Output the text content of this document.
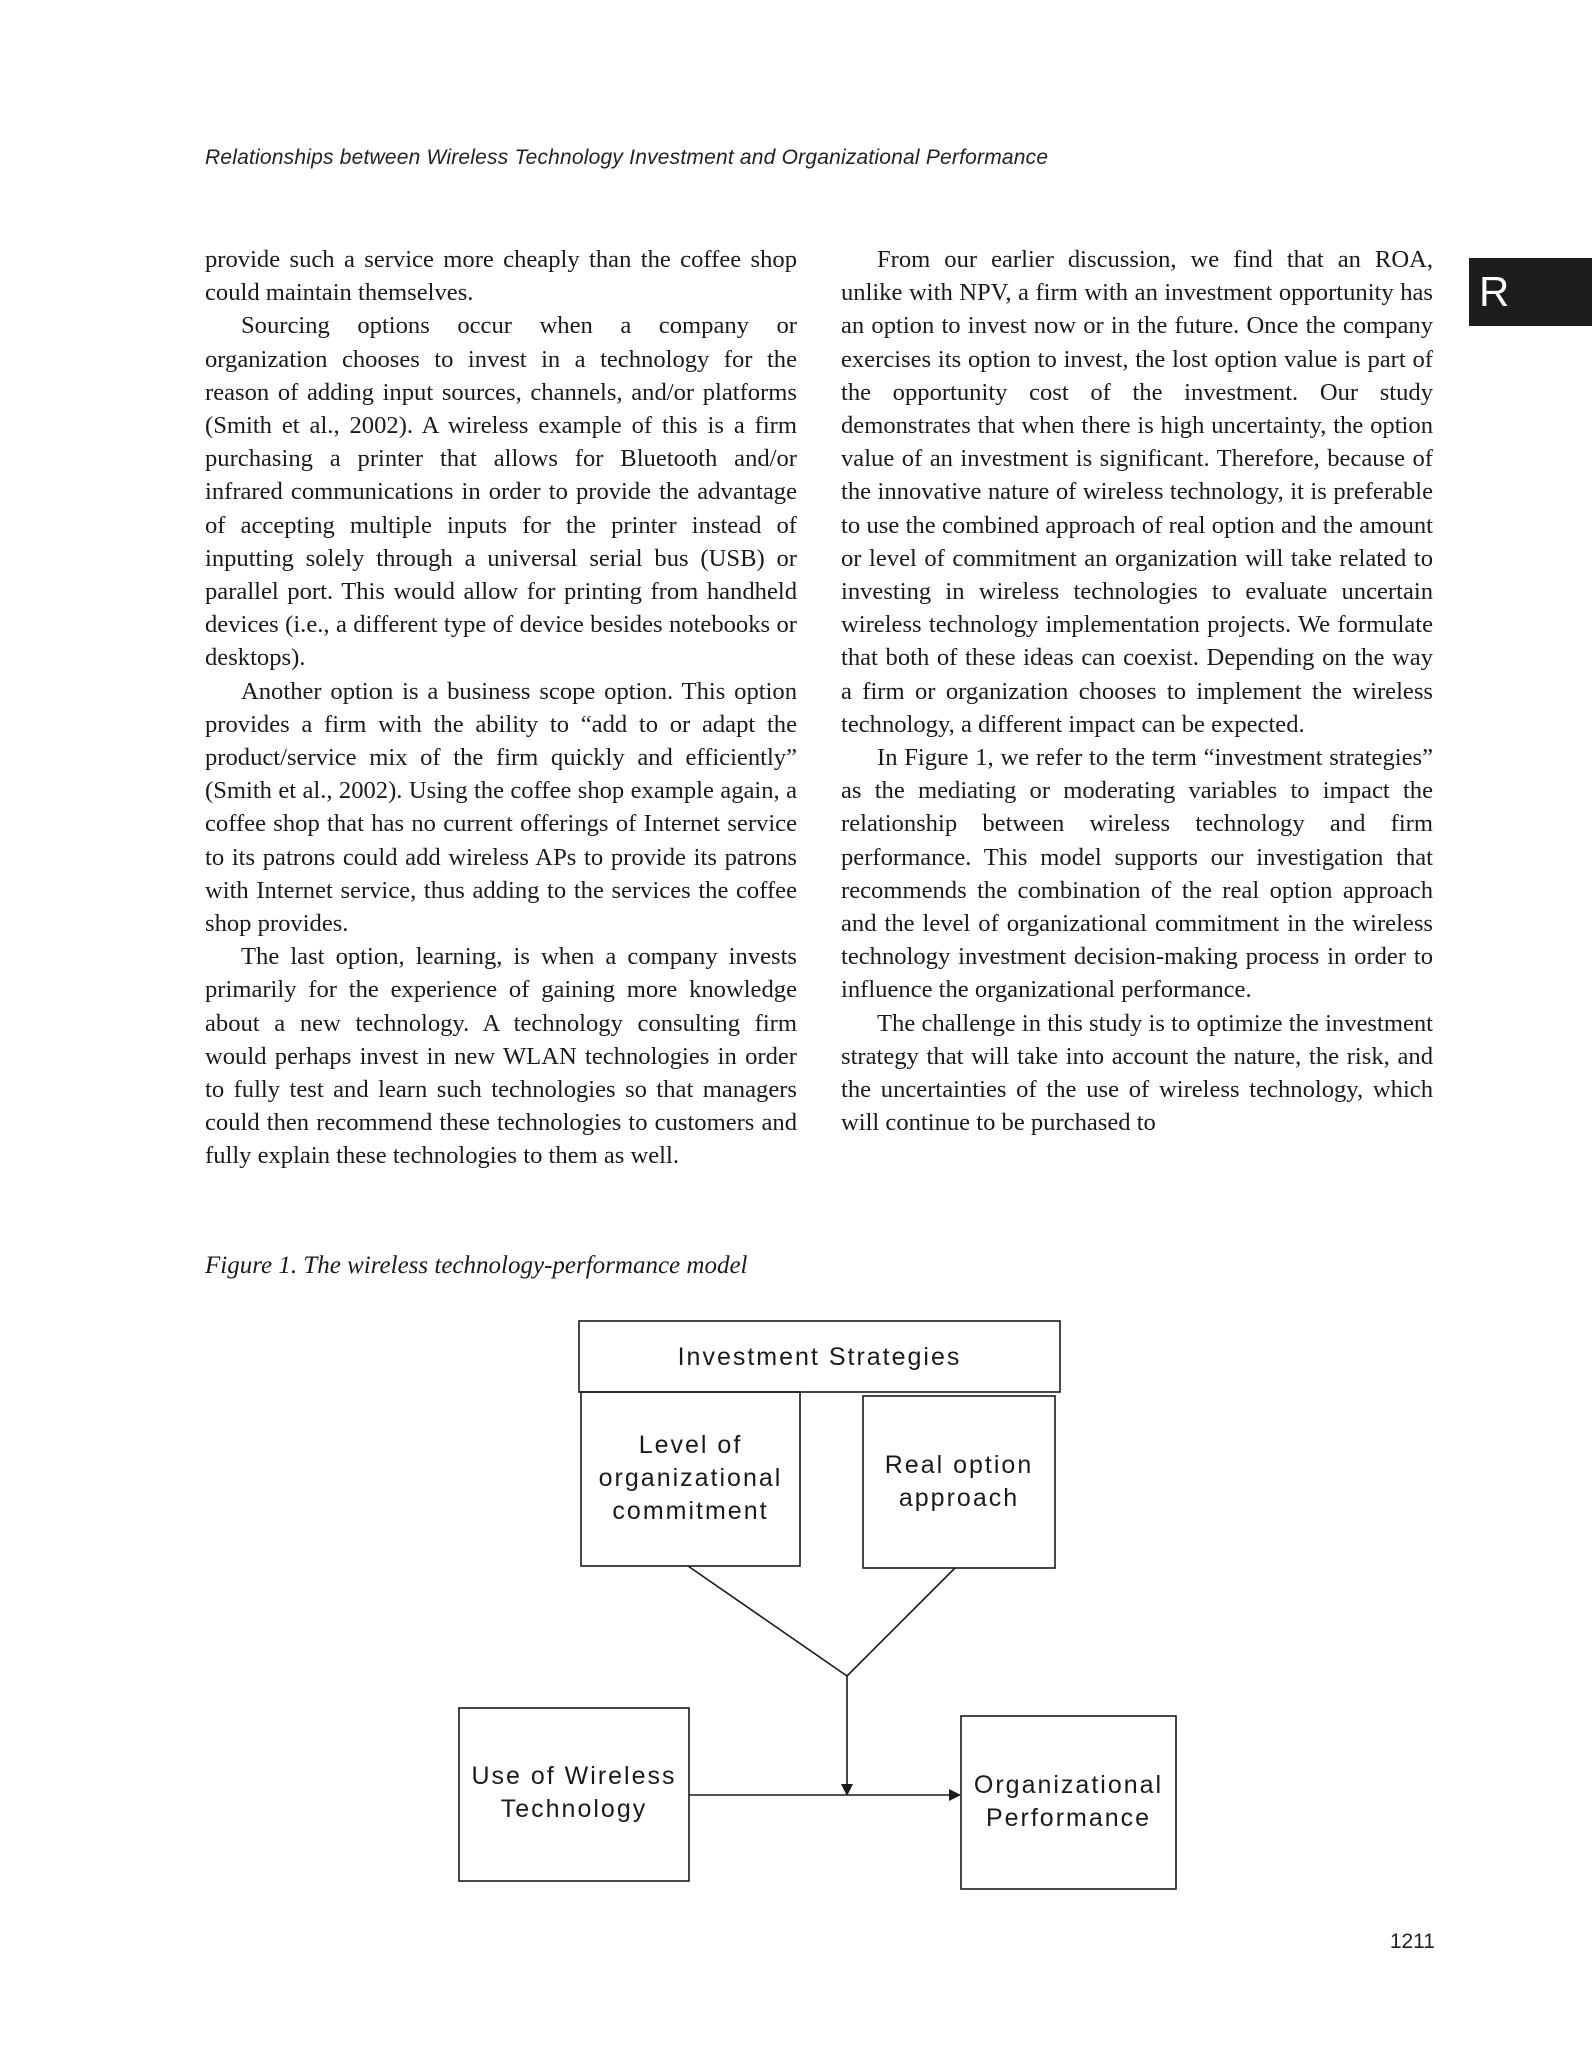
Relationships between Wireless Technology Investment and Organizational Performance
R

provide such a service more cheaply than the coffee shop could maintain themselves.

Sourcing options occur when a company or organization chooses to invest in a technology for the reason of adding input sources, channels, and/or platforms (Smith et al., 2002). A wireless example of this is a firm purchasing a printer that allows for Bluetooth and/or infrared communications in order to provide the advantage of accepting multiple inputs for the printer instead of inputting solely through a universal serial bus (USB) or parallel port. This would allow for printing from handheld devices (i.e., a different type of device besides notebooks or desktops).

Another option is a business scope option. This option provides a firm with the ability to “add to or adapt the product/service mix of the firm quickly and efficiently” (Smith et al., 2002). Using the coffee shop example again, a coffee shop that has no current offerings of Internet service to its patrons could add wireless APs to provide its patrons with Internet service, thus adding to the services the coffee shop provides.

The last option, learning, is when a company invests primarily for the experience of gaining more knowledge about a new technology. A technology consulting firm would perhaps invest in new WLAN technologies in order to fully test and learn such technologies so that managers could then recommend these technologies to customers and fully explain these technologies to them as well.

From our earlier discussion, we find that an ROA, unlike with NPV, a firm with an investment opportunity has an option to invest now or in the future. Once the company exercises its option to invest, the lost option value is part of the opportunity cost of the investment. Our study demonstrates that when there is high uncertainty, the option value of an investment is significant. Therefore, because of the innovative nature of wireless technology, it is preferable to use the combined approach of real option and the amount or level of commitment an organization will take related to investing in wireless technologies to evaluate uncertain wireless technology implementation projects. We formulate that both of these ideas can coexist. Depending on the way a firm or organization chooses to implement the wireless technology, a different impact can be expected.

In Figure 1, we refer to the term “investment strategies” as the mediating or moderating variables to impact the relationship between wireless technology and firm performance. This model supports our investigation that recommends the combination of the real option approach and the level of organizational commitment in the wireless technology investment decision-making process in order to influence the organizational performance.

The challenge in this study is to optimize the investment strategy that will take into account the nature, the risk, and the uncertainties of the use of wireless technology, which will continue to be purchased to

Figure 1. The wireless technology-performance model
Investment Strategies
Level of
organizational
commitment
Real option
approach
Use of Wireless
Technology
Organizational
Performance
1211
